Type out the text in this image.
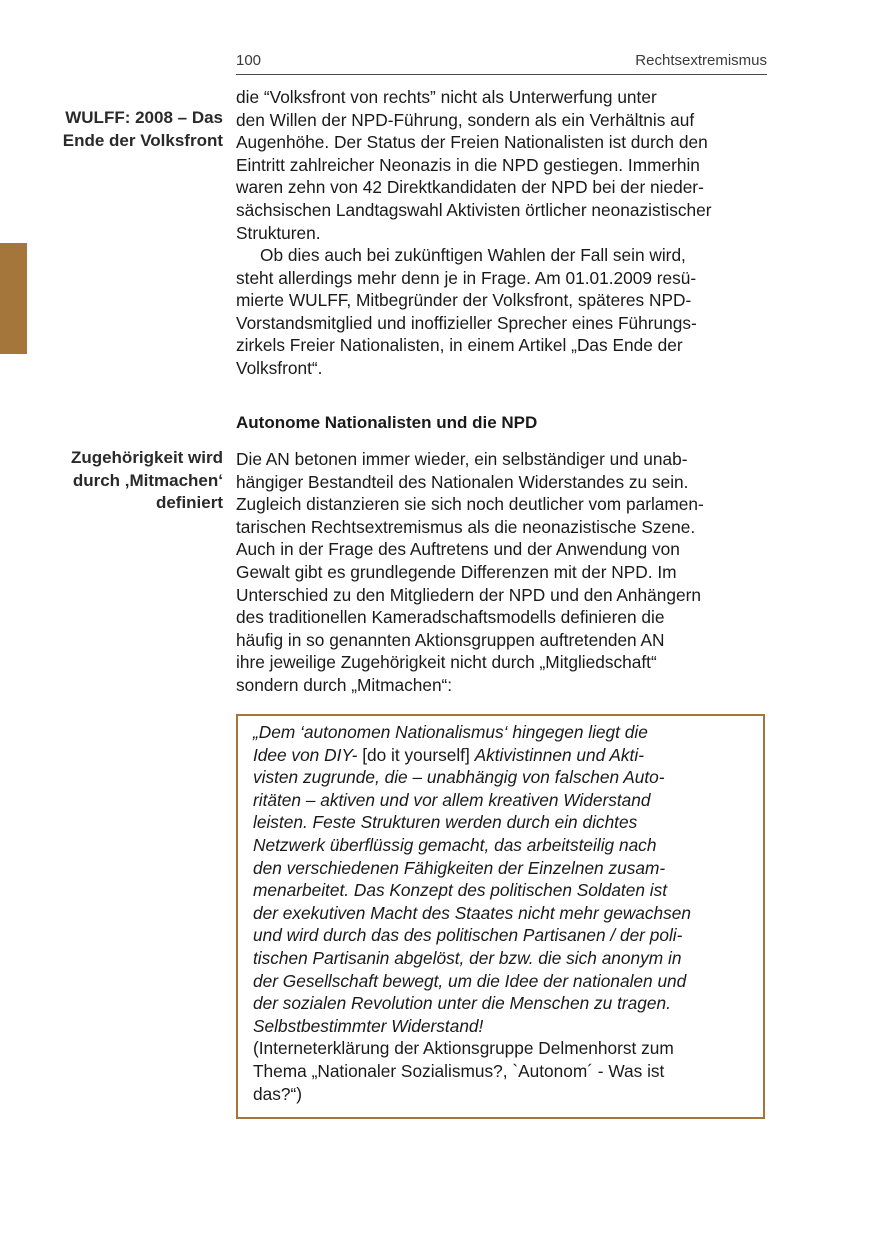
100	Rechtsextremismus
WULFF: 2008 – Das
Ende der Volksfront
die “Volksfront von rechts” nicht als Unterwerfung unter
den Willen der NPD-Führung, sondern als ein Verhältnis auf
Augenhöhe. Der Status der Freien Nationalisten ist durch den
Eintritt zahlreicher Neonazis in die NPD gestiegen. Immerhin
waren zehn von 42 Direktkandidaten der NPD bei der nieder-
sächsischen Landtagswahl Aktivisten örtlicher neonazistischer
Strukturen.
Ob dies auch bei zukünftigen Wahlen der Fall sein wird,
steht allerdings mehr denn je in Frage. Am 01.01.2009 resü-
mierte WULFF, Mitbegründer der Volksfront, späteres NPD-
Vorstandsmitglied und inoffizieller Sprecher eines Führungs-
zirkels Freier Nationalisten, in einem Artikel „Das Ende der
Volksfront“.
Autonome Nationalisten und die NPD
Zugehörigkeit wird
durch ‚Mitmachen‘
definiert
Die AN betonen immer wieder, ein selbständiger und unab-
hängiger Bestandteil des Nationalen Widerstandes zu sein.
Zugleich distanzieren sie sich noch deutlicher vom parlamen-
tarischen Rechtsextremismus als die neonazistische Szene.
Auch in der Frage des Auftretens und der Anwendung von
Gewalt gibt es grundlegende Differenzen mit der NPD. Im
Unterschied zu den Mitgliedern der NPD und den Anhängern
des traditionellen Kameradschaftsmodells definieren die
häufig in so genannten Aktionsgruppen auftretenden AN
ihre jeweilige Zugehörigkeit nicht durch „Mitgliedschaft“
sondern durch „Mitmachen“:
„Dem ‘autonomen Nationalismus‘ hingegen liegt die
Idee von DIY- [do it yourself] Aktivistinnen und Akti-
visten zugrunde, die – unabhängig von falschen Auto-
ritäten – aktiven und vor allem kreativen Widerstand
leisten. Feste Strukturen werden durch ein dichtes
Netzwerk überflüssig gemacht, das arbeitsteilig nach
den verschiedenen Fähigkeiten der Einzelnen zusam-
menarbeitet. Das Konzept des politischen Soldaten ist
der exekutiven Macht des Staates nicht mehr gewachsen
und wird durch das des politischen Partisanen / der poli-
tischen Partisanin abgelöst, der bzw. die sich anonym in
der Gesellschaft bewegt, um die Idee der nationalen und
der sozialen Revolution unter die Menschen zu tragen.
Selbstbestimmter Widerstand!
(Interneterklärung der Aktionsgruppe Delmenhorst zum
Thema „Nationaler Sozialismus?, `Autonom´ - Was ist
das?“)
